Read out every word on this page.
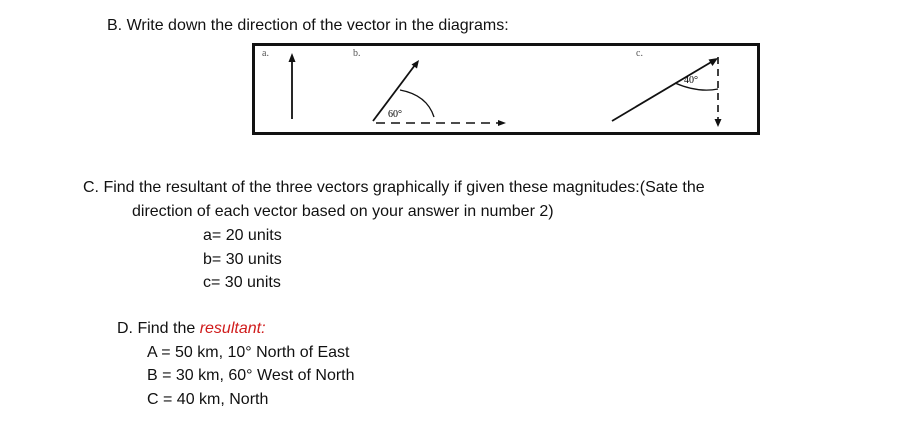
B. Write down the direction of the vector in the diagrams:
a.	b.
60°
c.
40°
C. Find the resultant of the three vectors graphically if given these magnitudes:(Sate the
direction of each vector based on your answer in number 2)
a= 20 units
b= 30 units
c= 30 units
D. Find the resultant:
A = 50 km, 10° North of East
B = 30 km, 60° West of North
C = 40 km, North
